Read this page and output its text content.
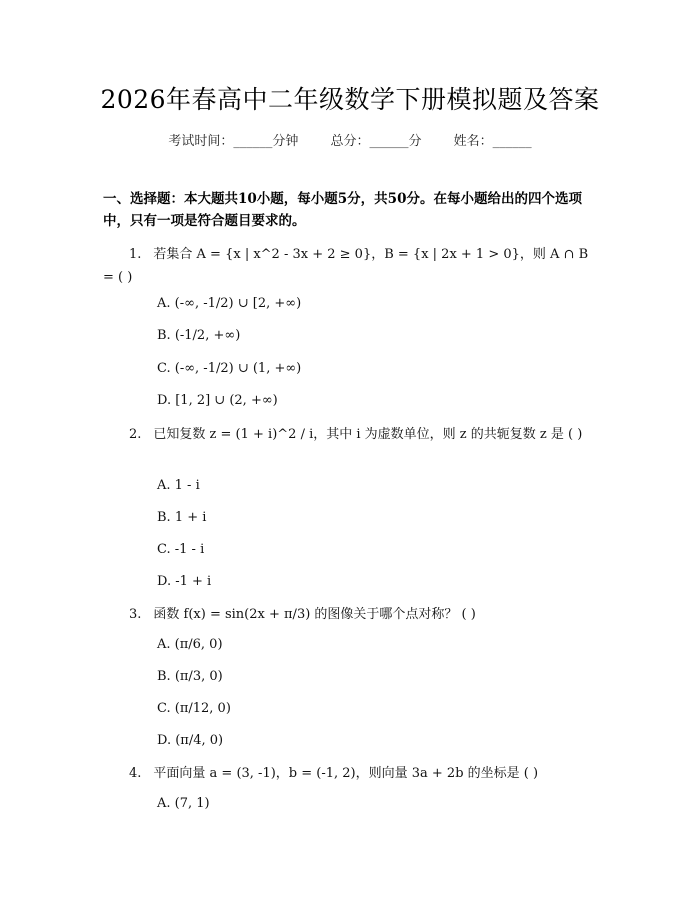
2026年春高中二年级数学下册模拟题及答案
考试时间：______分钟 总分：______分 姓名：______
一、选择题：本大题共10小题，每小题5分，共50分。在每小题给出的四个选项中，只有一项是符合题目要求的。
1. 若集合 A = {x | x^2 - 3x + 2 ≥ 0}，B = {x | 2x + 1 > 0}，则 A ∩ B = ( )
A. (-∞, -1/2) ∪ [2, +∞)
B. (-1/2, +∞)
C. (-∞, -1/2) ∪ (1, +∞)
D. [1, 2] ∪ (2, +∞)
2. 已知复数 z = (1 + i)^2 / i，其中 i 为虚数单位，则 z 的共轭复数 z 是 ( )
A. 1 - i
B. 1 + i
C. -1 - i
D. -1 + i
3. 函数 f(x) = sin(2x + π/3) 的图像关于哪个点对称？ ( )
A. (π/6, 0)
B. (π/3, 0)
C. (π/12, 0)
D. (π/4, 0)
4. 平面向量 a = (3, -1)，b = (-1, 2)，则向量 3a + 2b 的坐标是 ( )
A. (7, 1)
